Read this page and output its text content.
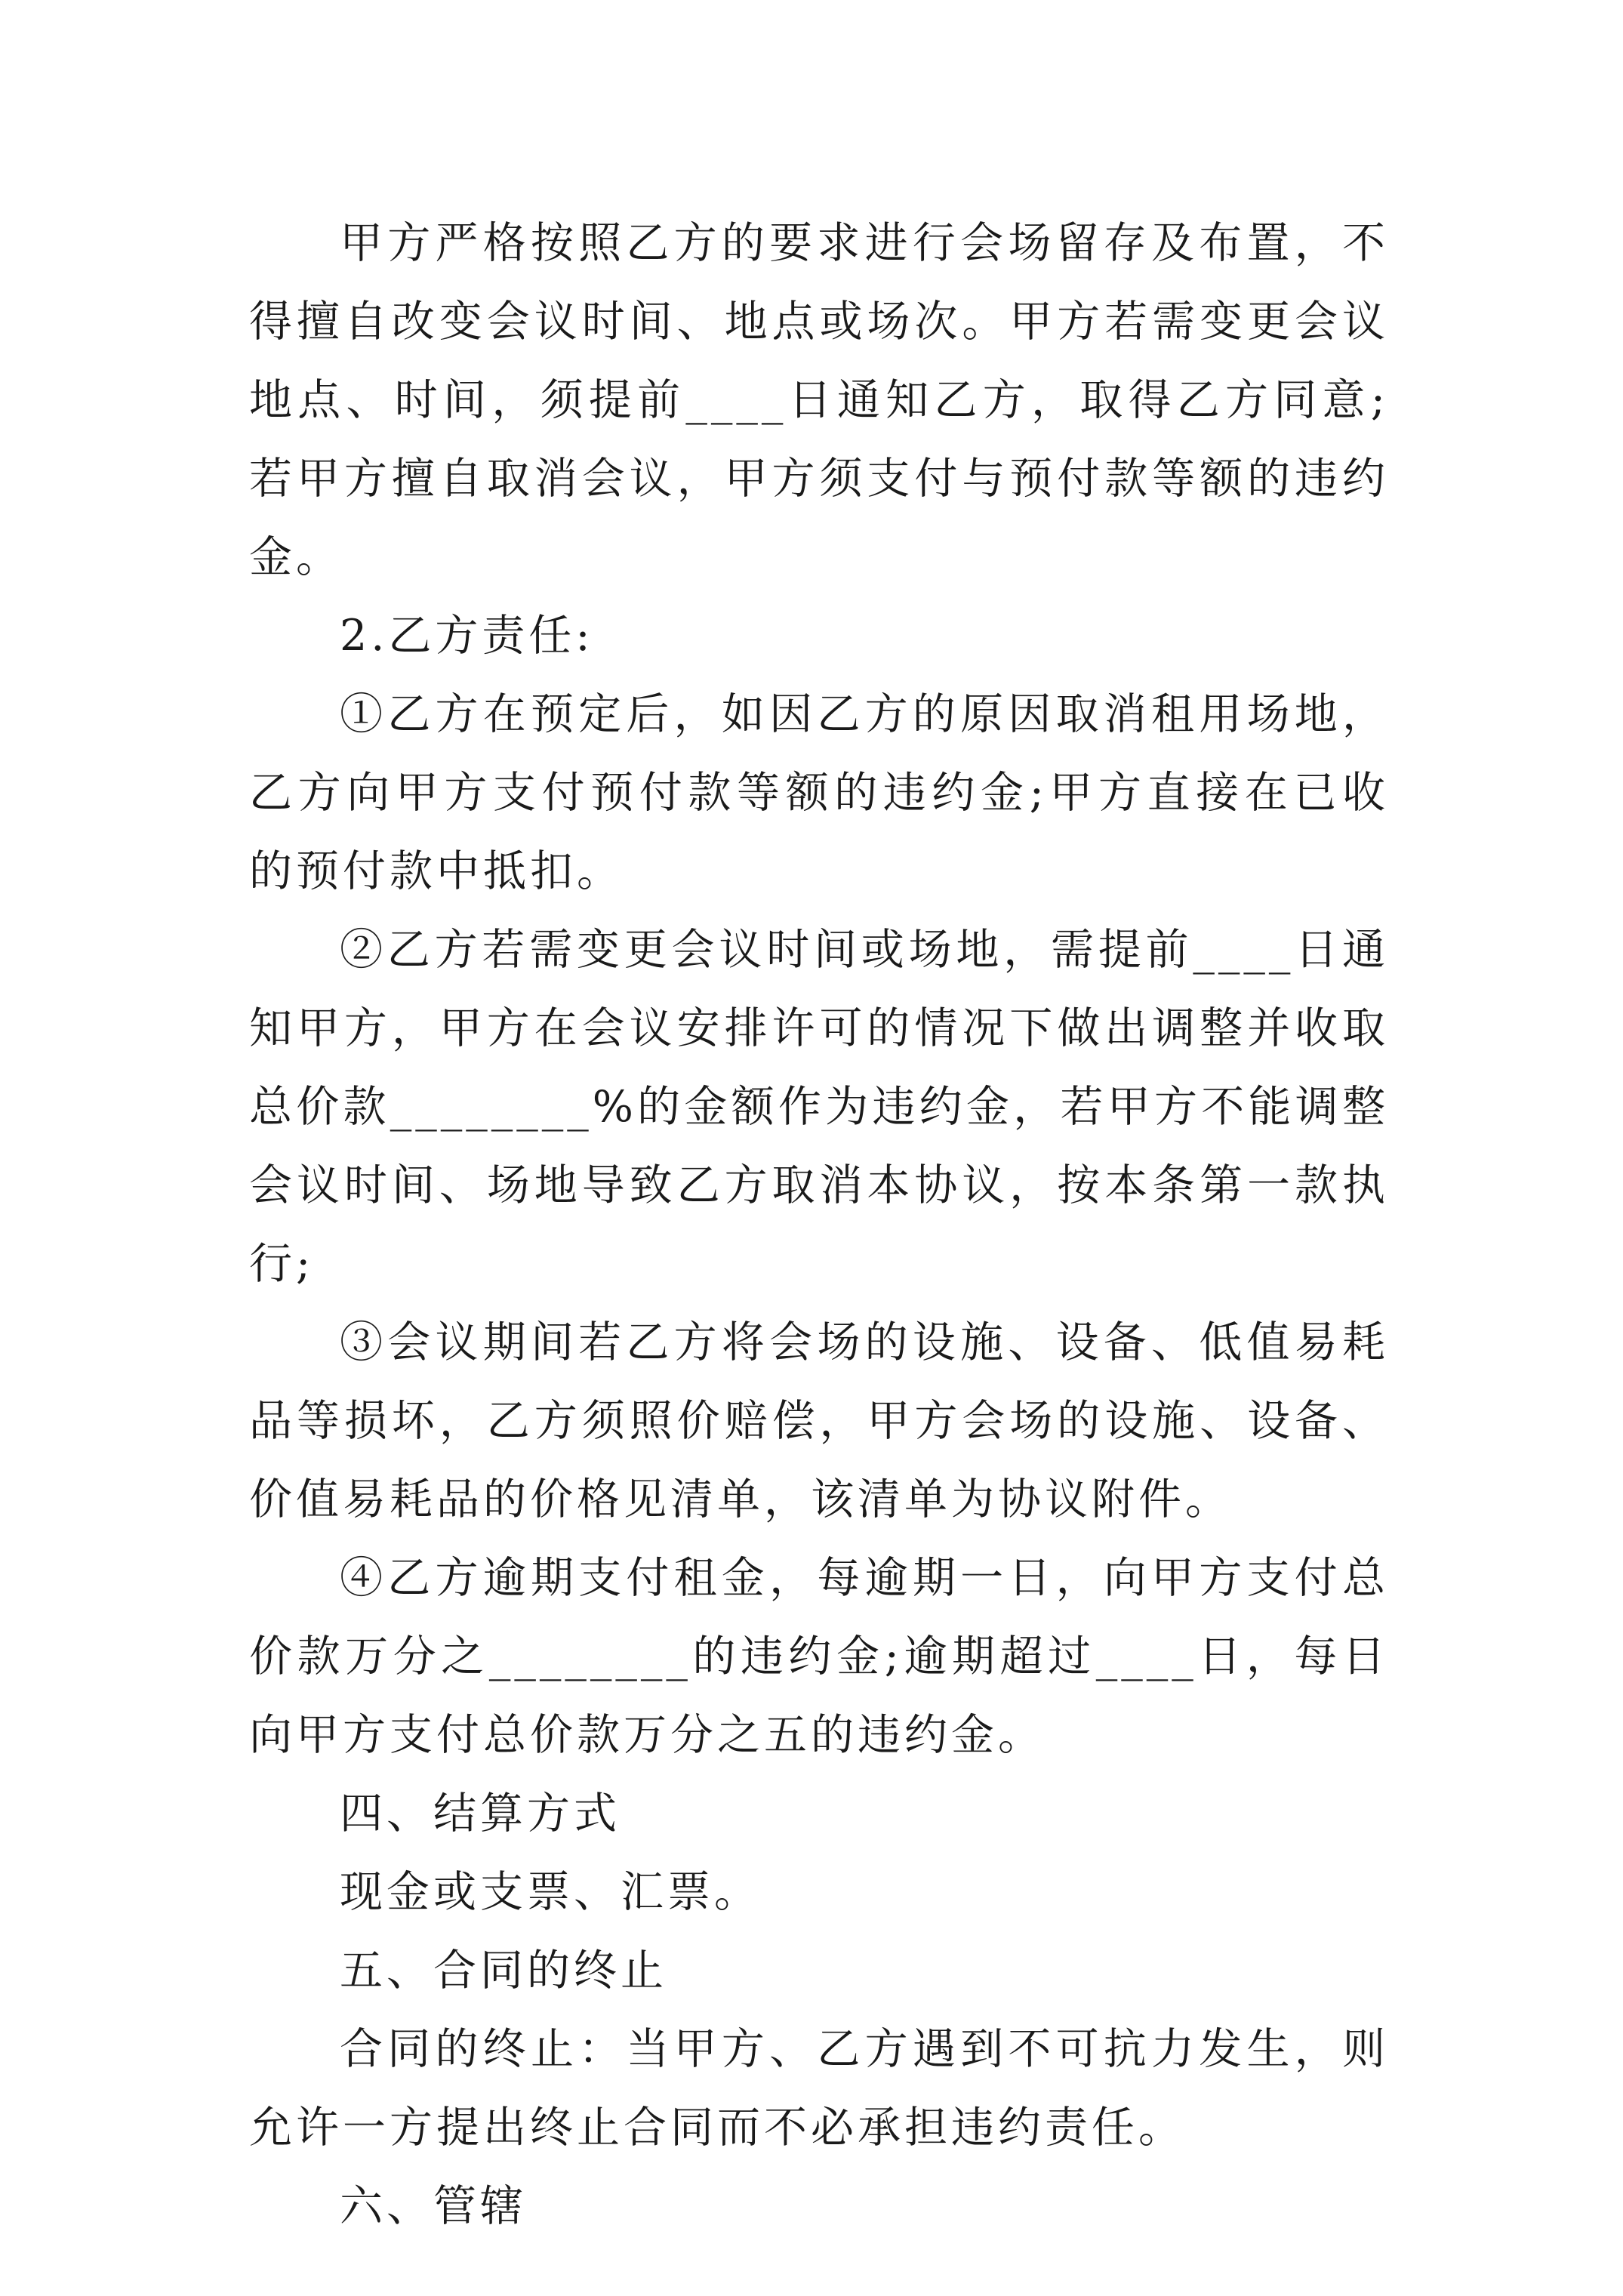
甲方严格按照乙方的要求进行会场留存及布置，不得擅自改变会议时间、地点或场次。甲方若需变更会议地点、时间，须提前____日通知乙方，取得乙方同意;若甲方擅自取消会议，甲方须支付与预付款等额的违约金。

2.乙方责任:

①乙方在预定后，如因乙方的原因取消租用场地，乙方向甲方支付预付款等额的违约金;甲方直接在已收的预付款中抵扣。

②乙方若需变更会议时间或场地，需提前____日通知甲方，甲方在会议安排许可的情况下做出调整并收取总价款________%的金额作为违约金，若甲方不能调整会议时间、场地导致乙方取消本协议，按本条第一款执行;

③会议期间若乙方将会场的设施、设备、低值易耗品等损坏，乙方须照价赔偿，甲方会场的设施、设备、价值易耗品的价格见清单，该清单为协议附件。

④乙方逾期支付租金，每逾期一日，向甲方支付总价款万分之________的违约金;逾期超过____日，每日向甲方支付总价款万分之五的违约金。

四、结算方式

现金或支票、汇票。

五、合同的终止

合同的终止：当甲方、乙方遇到不可抗力发生，则允许一方提出终止合同而不必承担违约责任。

六、管辖
